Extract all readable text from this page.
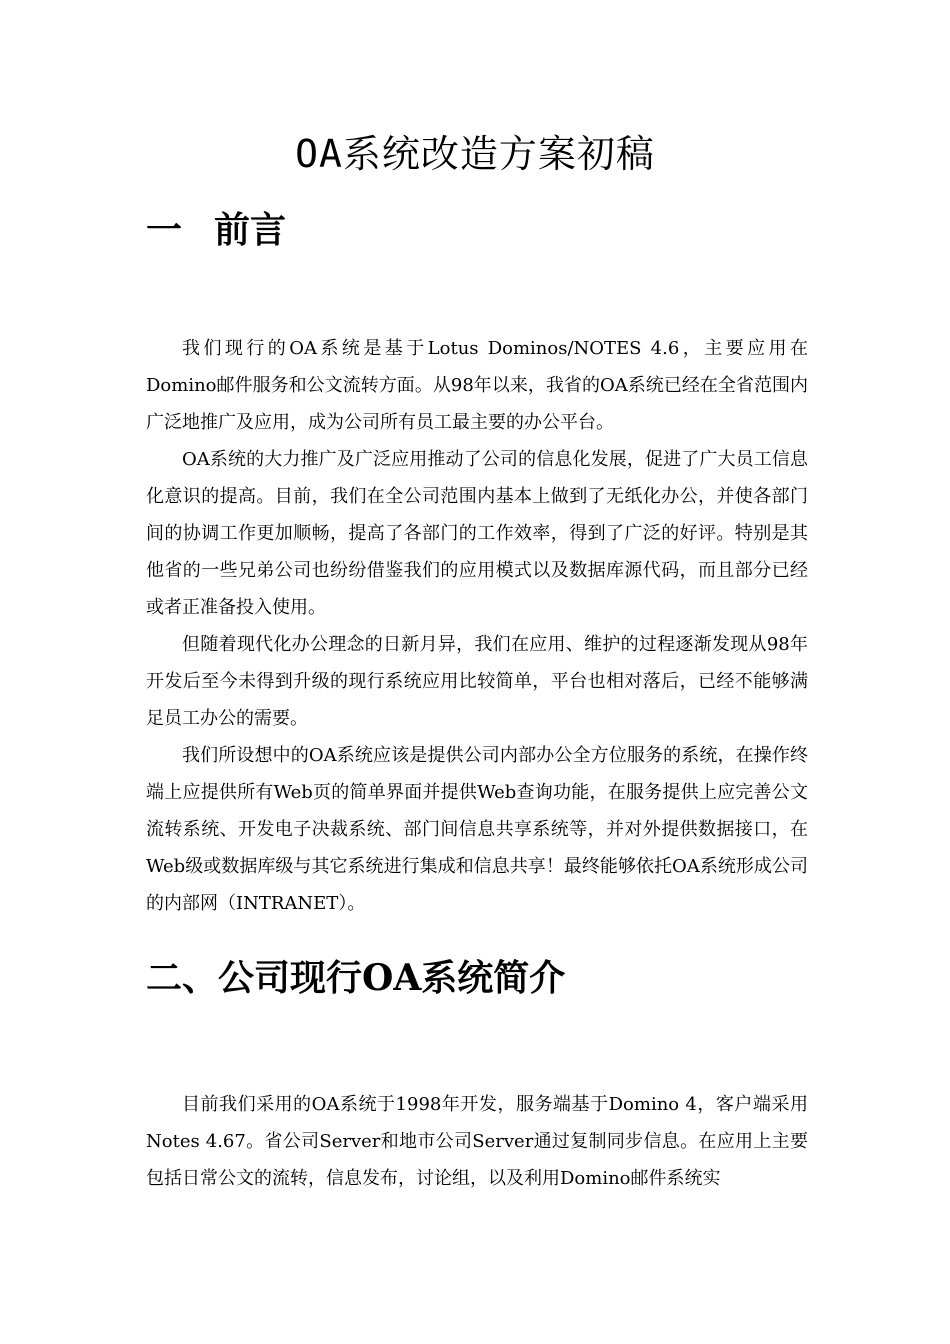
OA系统改造方案初稿
一 前言

我们现行的OA系统是基于Lotus Dominos/NOTES 4.6，主要应用在Domino邮件服务和公文流转方面。从98年以来，我省的OA系统已经在全省范围内广泛地推广及应用，成为公司所有员工最主要的办公平台。

OA系统的大力推广及广泛应用推动了公司的信息化发展，促进了广大员工信息化意识的提高。目前，我们在全公司范围内基本上做到了无纸化办公，并使各部门间的协调工作更加顺畅，提高了各部门的工作效率，得到了广泛的好评。特别是其他省的一些兄弟公司也纷纷借鉴我们的应用模式以及数据库源代码，而且部分已经或者正准备投入使用。

但随着现代化办公理念的日新月异，我们在应用、维护的过程逐渐发现从98年开发后至今未得到升级的现行系统应用比较简单，平台也相对落后，已经不能够满足员工办公的需要。

我们所设想中的OA系统应该是提供公司内部办公全方位服务的系统，在操作终端上应提供所有Web页的简单界面并提供Web查询功能，在服务提供上应完善公文流转系统、开发电子决裁系统、部门间信息共享系统等，并对外提供数据接口，在Web级或数据库级与其它系统进行集成和信息共享！最终能够依托OA系统形成公司的内部网（INTRANET）。

二、公司现行OA系统简介

目前我们采用的OA系统于1998年开发，服务端基于Domino 4，客户端采用Notes 4.67。省公司Server和地市公司Server通过复制同步信息。在应用上主要包括日常公文的流转，信息发布，讨论组，以及利用Domino邮件系统实
